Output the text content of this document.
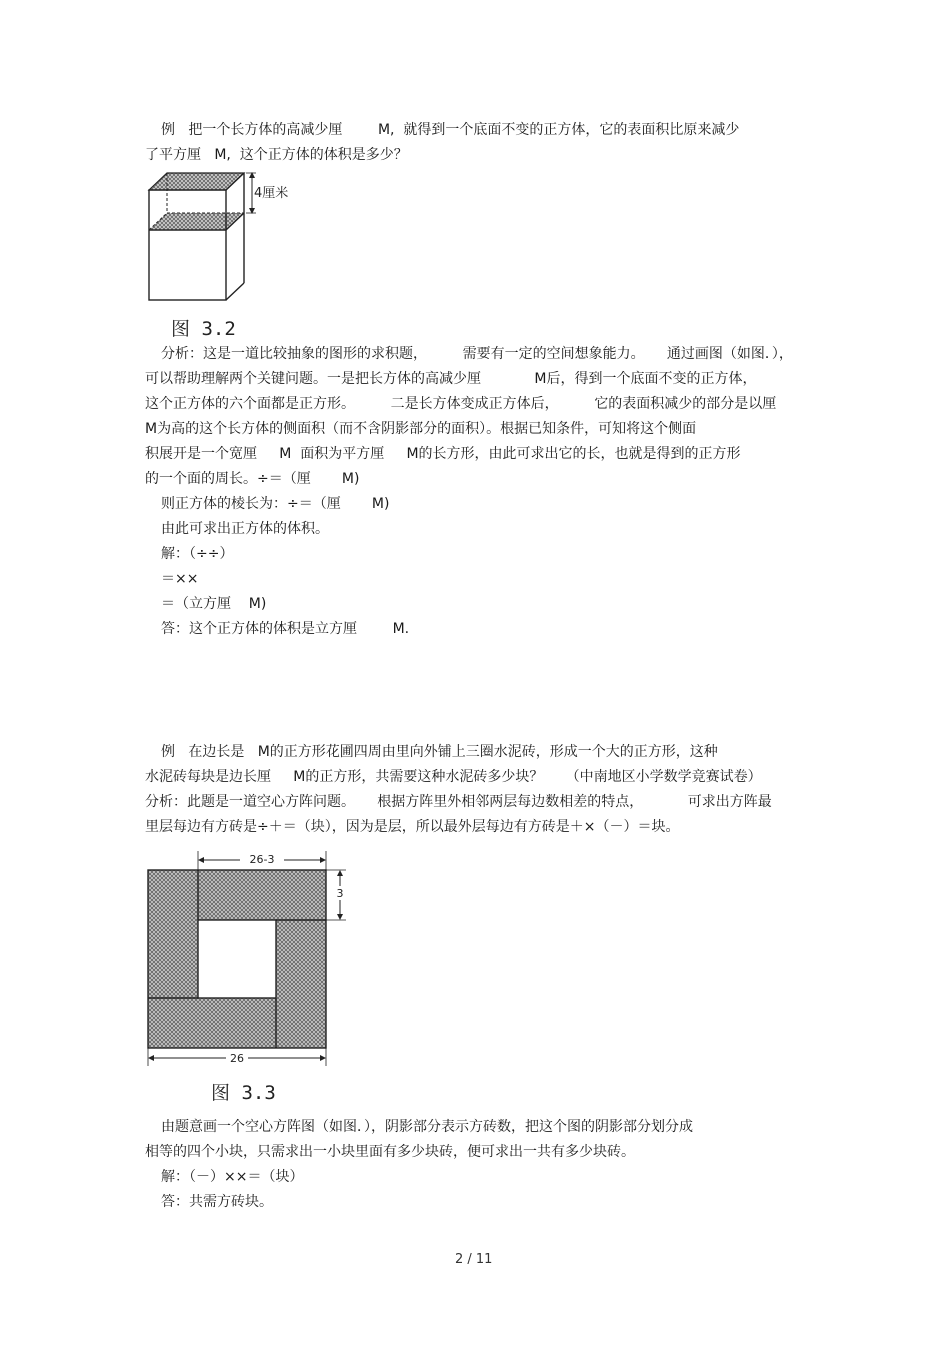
例   把一个长方体的高减少厘        M,  就得到一个底面不变的正方体，它的表面积比原来减少
了平方厘   M,  这个正方体的体积是多少？
4厘米
图 3.2
分析：这是一道比较抽象的图形的求积题，        需要有一定的空间想象能力。     通过画图（如图．），
可以帮助理解两个关键问题。一是把长方体的高减少厘            M后，得到一个底面不变的正方体，
这个正方体的六个面都是正方形。        二是长方体变成正方体后，        它的表面积减少的部分是以厘
M为高的这个长方体的侧面积（而不含阴影部分的面积）。根据已知条件，可知将这个侧面
积展开是一个宽厘     M  面积为平方厘     M的长方形，由此可求出它的长，也就是得到的正方形
的一个面的周长。÷＝（厘       M)
则正方体的棱长为：÷＝（厘       M)
由此可求出正方体的体积。
解：（÷÷）
＝××
＝（立方厘    M)
答：这个正方体的体积是立方厘        M.
例   在边长是   M的正方形花圃四周由里向外铺上三圈水泥砖，形成一个大的正方形，这种
水泥砖每块是边长厘     M的正方形，共需要这种水泥砖多少块？     （中南地区小学数学竞赛试卷）
分析：此题是一道空心方阵问题。     根据方阵里外相邻两层每边数相差的特点，          可求出方阵最
里层每边有方砖是÷＋＝（块），因为是层，所以最外层每边有方砖是＋×（－）＝块。
26-3
3
26
图 3.3
由题意画一个空心方阵图（如图．），阴影部分表示方砖数，把这个图的阴影部分划分成
相等的四个小块，只需求出一小块里面有多少块砖，便可求出一共有多少块砖。
解：（－）××＝（块）
答：共需方砖块。
2 / 11
